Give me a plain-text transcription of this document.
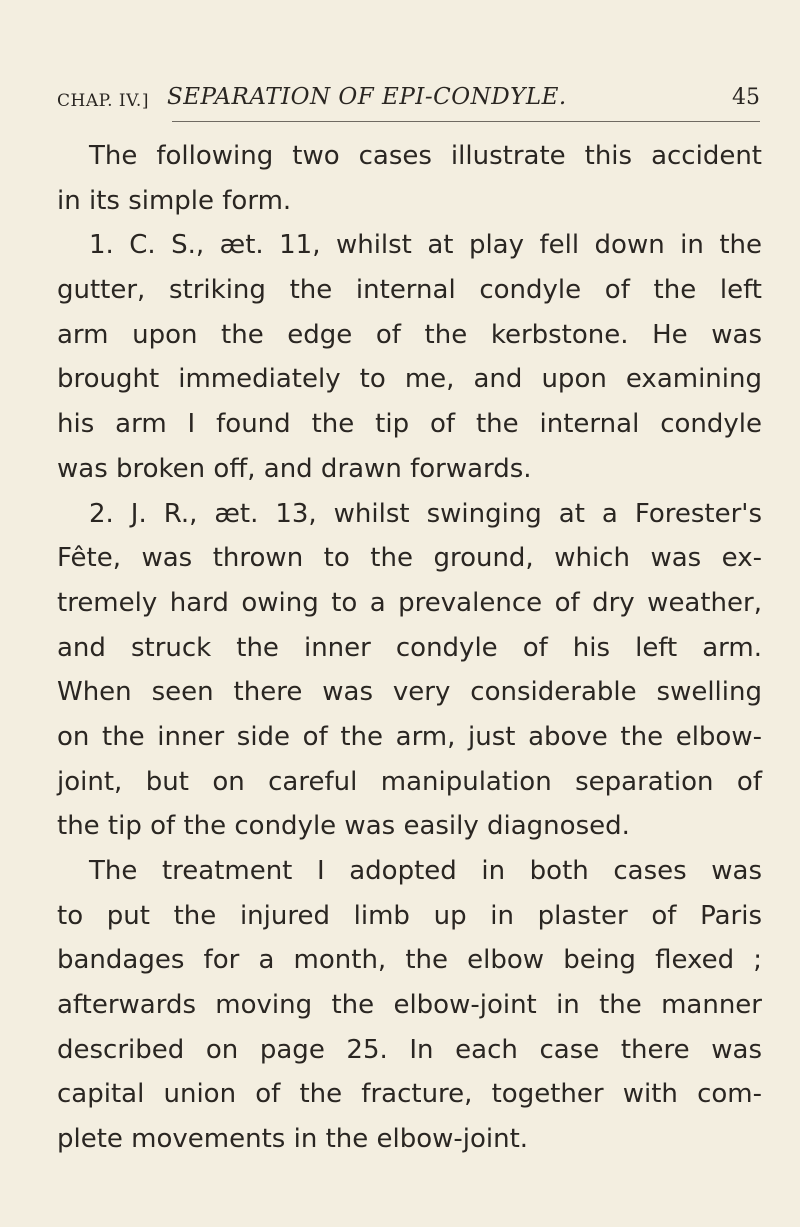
CHAP. IV.] SEPARATION OF EPI-CONDYLE.	45
The following two cases illustrate this accident
in its simple form.
1. C. S., æt. 11, whilst at play fell down in the
gutter, striking the internal condyle of the left
arm upon the edge of the kerbstone. He was
brought immediately to me, and upon examining
his arm I found the tip of the internal condyle
was broken off, and drawn forwards.
2. J. R., æt. 13, whilst swinging at a Forester's
Fête, was thrown to the ground, which was ex-
tremely hard owing to a prevalence of dry weather,
and struck the inner condyle of his left arm.
When seen there was very considerable swelling
on the inner side of the arm, just above the elbow-
joint, but on careful manipulation separation of
the tip of the condyle was easily diagnosed.
The treatment I adopted in both cases was
to put the injured limb up in plaster of Paris
bandages for a month, the elbow being flexed ;
afterwards moving the elbow-joint in the manner
described on page 25. In each case there was
capital union of the fracture, together with com-
plete movements in the elbow-joint.
